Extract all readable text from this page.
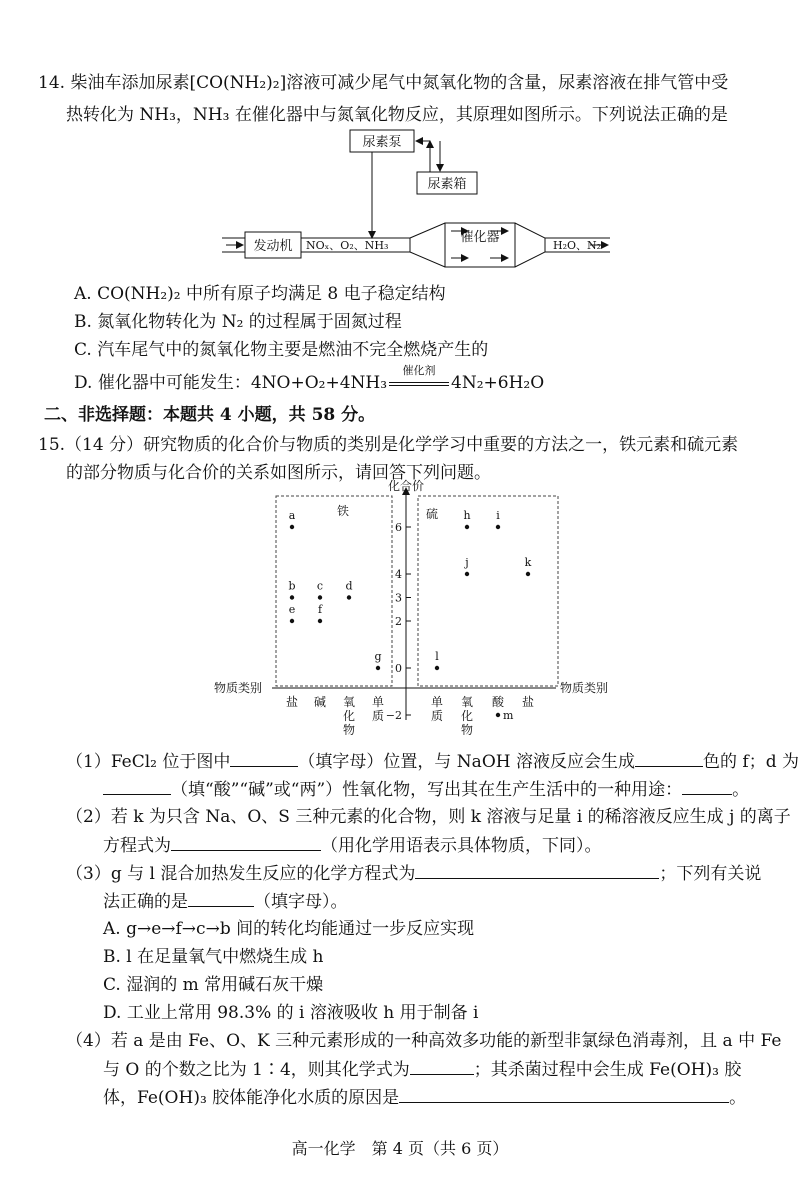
14. 柴油车添加尿素[CO(NH₂)₂]溶液可减少尾气中氮氧化物的含量，尿素溶液在排气管中受
热转化为 NH₃，NH₃ 在催化器中与氮氧化物反应，其原理如图所示。下列说法正确的是
尿素泵
尿素箱
发动机 NOₓ、O₂、NH₃
催化器
H₂O、N₂
A. CO(NH₂)₂ 中所有原子均满足 8 电子稳定结构
B. 氮氧化物转化为 N₂ 的过程属于固氮过程
C. 汽车尾气中的氮氧化物主要是燃油不完全燃烧产生的
D. 催化器中可能发生：4NO+O₂+4NH₃
催化剂
4N₂+6H₂O
二、非选择题：本题共 4 小题，共 58 分。
15.（14 分）研究物质的化合价与物质的类别是化学学习中重要的方法之一，铁元素和硫元素
的部分物质与化合价的关系如图所示，请回答下列问题。
化合价
物质类别	物质类别
铁	硫
6
4
3
2
0
−2
盐 碱 氧化物
单质
单质
氧化物
酸 盐
a
b c d
e f
g
h i
j	k
l
m
（1）FeCl₂ 位于图中	（填字母）位置，与 NaOH 溶液反应会生成	色的 f；d 为
（填“酸”“碱”或“两”）性氧化物，写出其在生产生活中的一种用途：	。
（2）若 k 为只含 Na、O、S 三种元素的化合物，则 k 溶液与足量 i 的稀溶液反应生成 j 的离子
方程式为	（用化学用语表示具体物质，下同）。
（3）g 与 l 混合加热发生反应的化学方程式为	；下列有关说
法正确的是	（填字母）。
A. g→e→f→c→b 间的转化均能通过一步反应实现
B. l 在足量氧气中燃烧生成 h
C. 湿润的 m 常用碱石灰干燥
D. 工业上常用 98.3% 的 i 溶液吸收 h 用于制备 i
（4）若 a 是由 Fe、O、K 三种元素形成的一种高效多功能的新型非氯绿色消毒剂，且 a 中 Fe
与 O 的个数之比为 1∶4，则其化学式为	；其杀菌过程中会生成 Fe(OH)₃ 胶
体，Fe(OH)₃ 胶体能净化水质的原因是	。
高一化学　第 4 页（共 6 页）
